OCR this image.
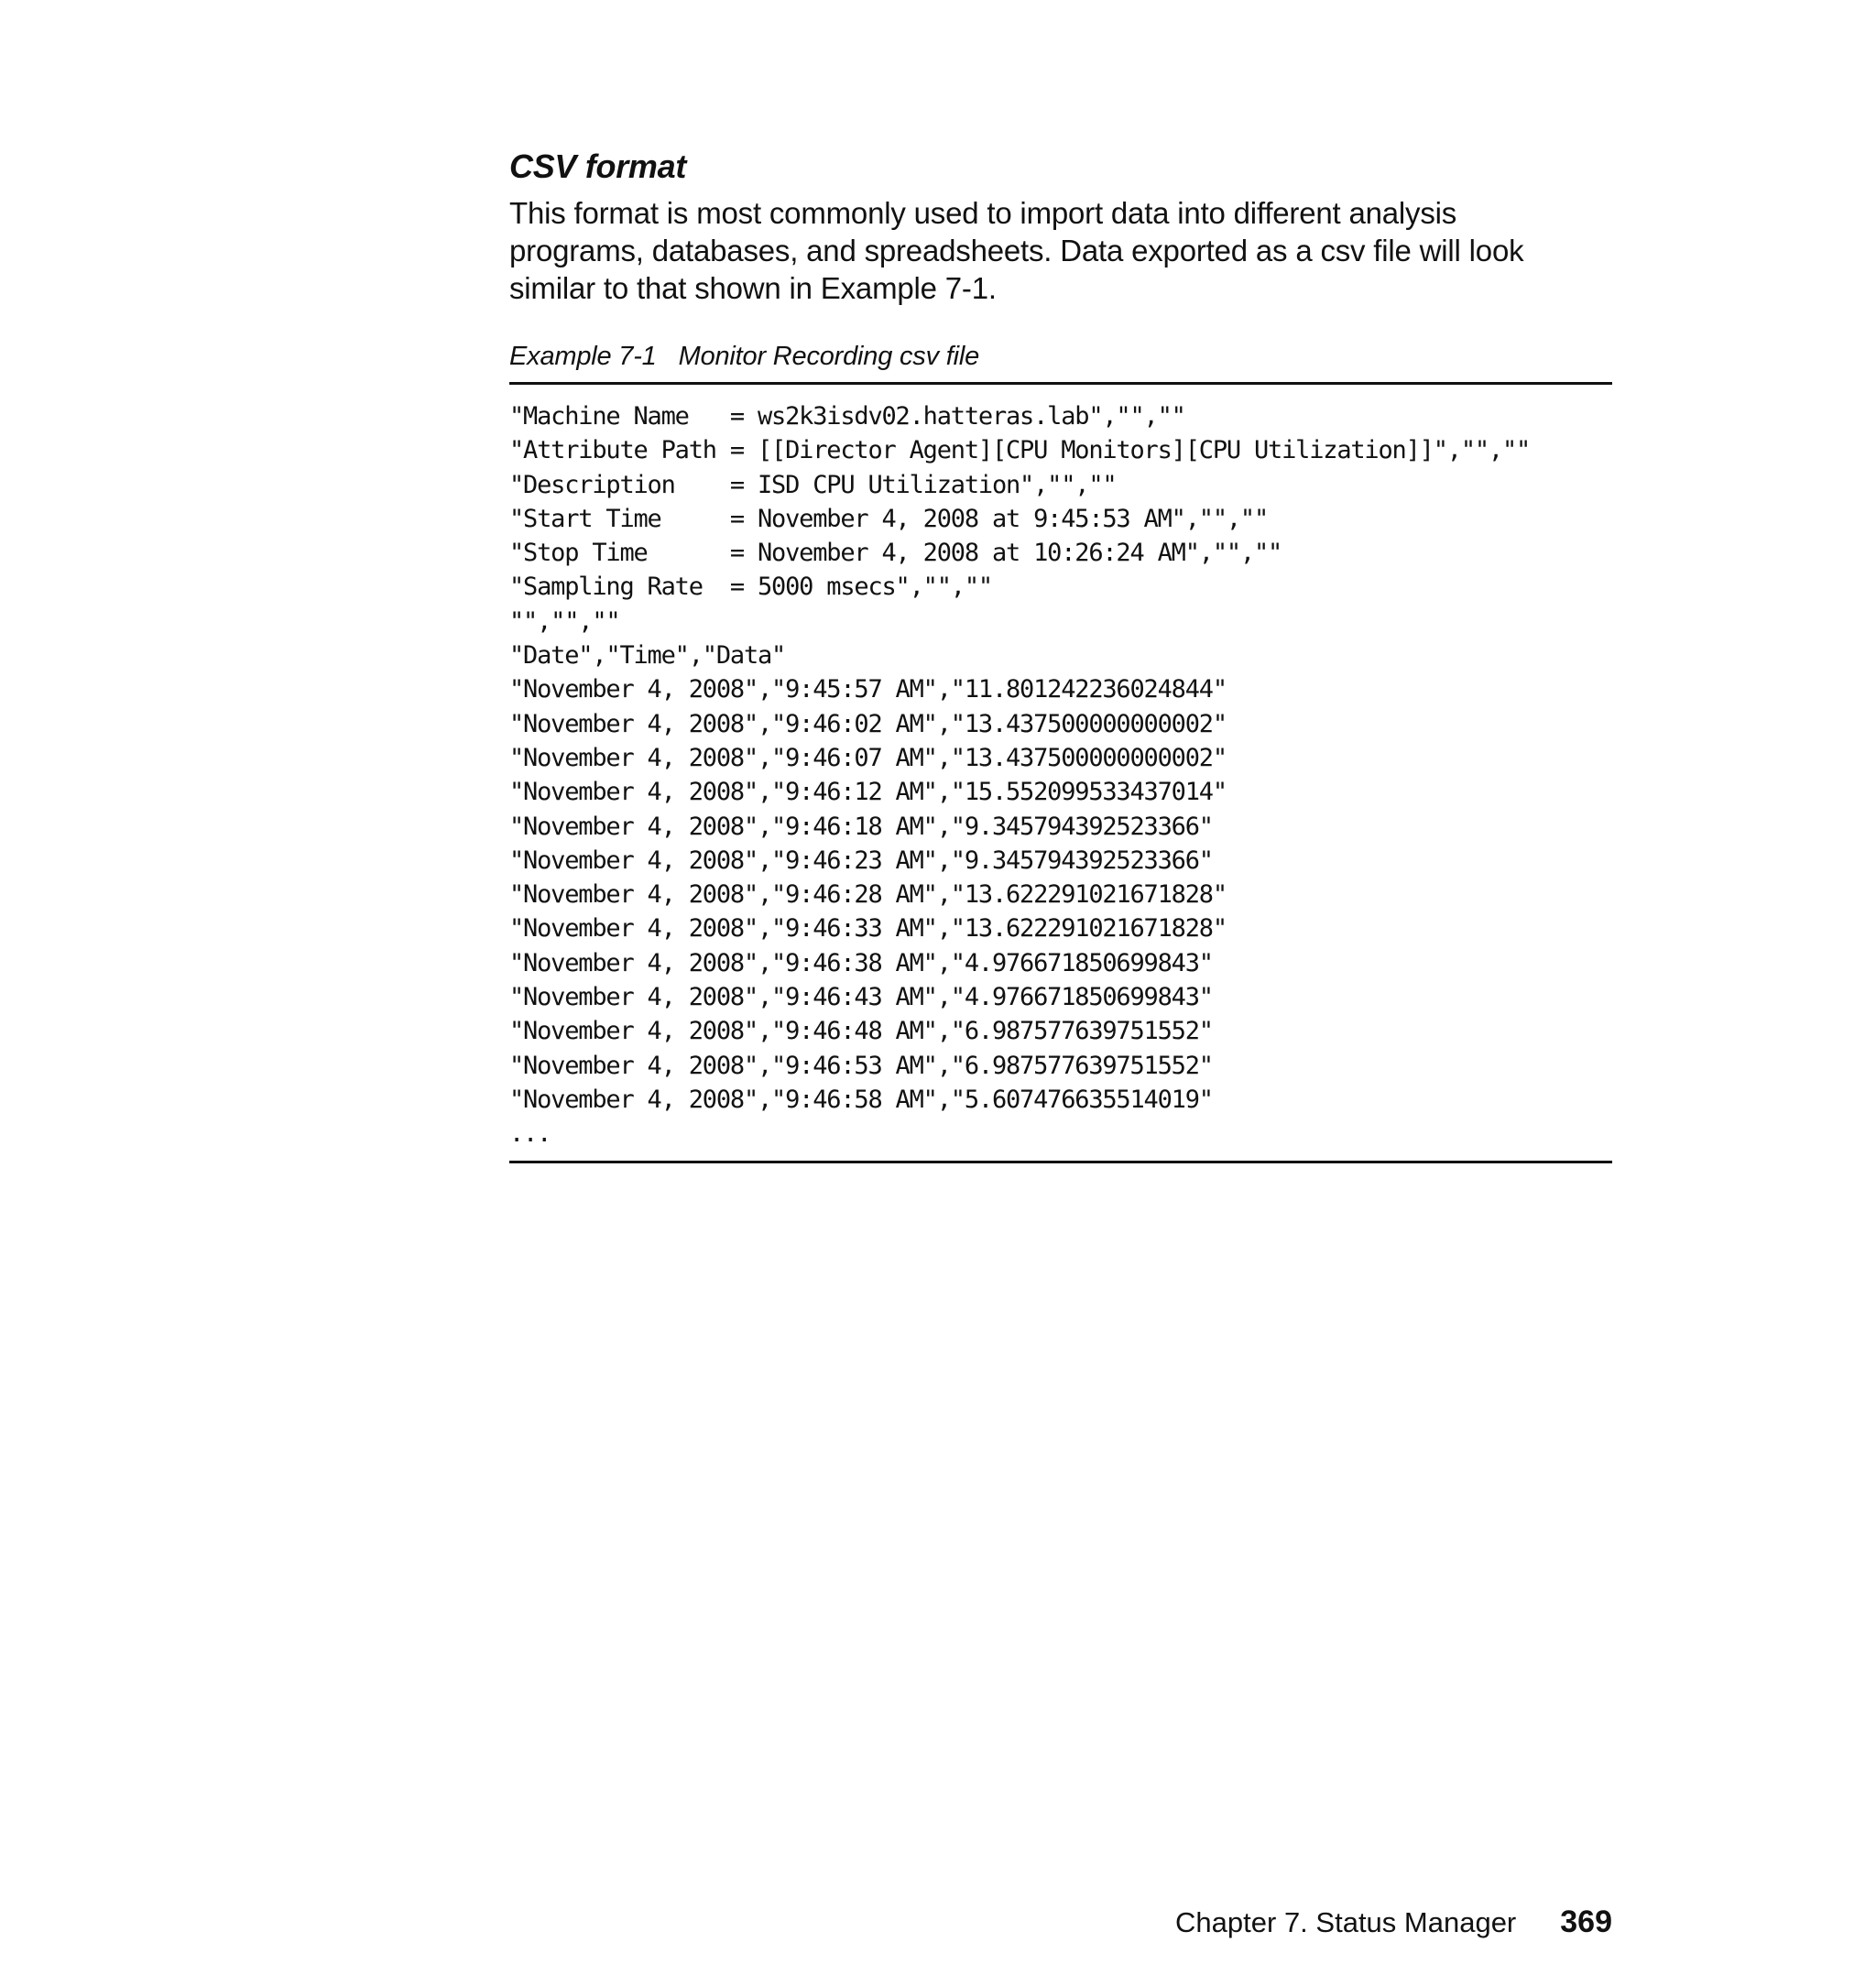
CSV format
This format is most commonly used to import data into different analysis
programs, databases, and spreadsheets. Data exported as a csv file will look
similar to that shown in Example 7-1.
Example 7-1 Monitor Recording csv file
"Machine Name   = ws2k3isdv02.hatteras.lab","",""
"Attribute Path = [[Director Agent][CPU Monitors][CPU Utilization]]","",""
"Description    = ISD CPU Utilization","",""
"Start Time     = November 4, 2008 at 9:45:53 AM","",""
"Stop Time      = November 4, 2008 at 10:26:24 AM","",""
"Sampling Rate  = 5000 msecs","",""
"","",""
"Date","Time","Data"
"November 4, 2008","9:45:57 AM","11.801242236024844"
"November 4, 2008","9:46:02 AM","13.437500000000002"
"November 4, 2008","9:46:07 AM","13.437500000000002"
"November 4, 2008","9:46:12 AM","15.552099533437014"
"November 4, 2008","9:46:18 AM","9.345794392523366"
"November 4, 2008","9:46:23 AM","9.345794392523366"
"November 4, 2008","9:46:28 AM","13.622291021671828"
"November 4, 2008","9:46:33 AM","13.622291021671828"
"November 4, 2008","9:46:38 AM","4.976671850699843"
"November 4, 2008","9:46:43 AM","4.976671850699843"
"November 4, 2008","9:46:48 AM","6.987577639751552"
"November 4, 2008","9:46:53 AM","6.987577639751552"
"November 4, 2008","9:46:58 AM","5.607476635514019"
...
Chapter 7. Status Manager 369
